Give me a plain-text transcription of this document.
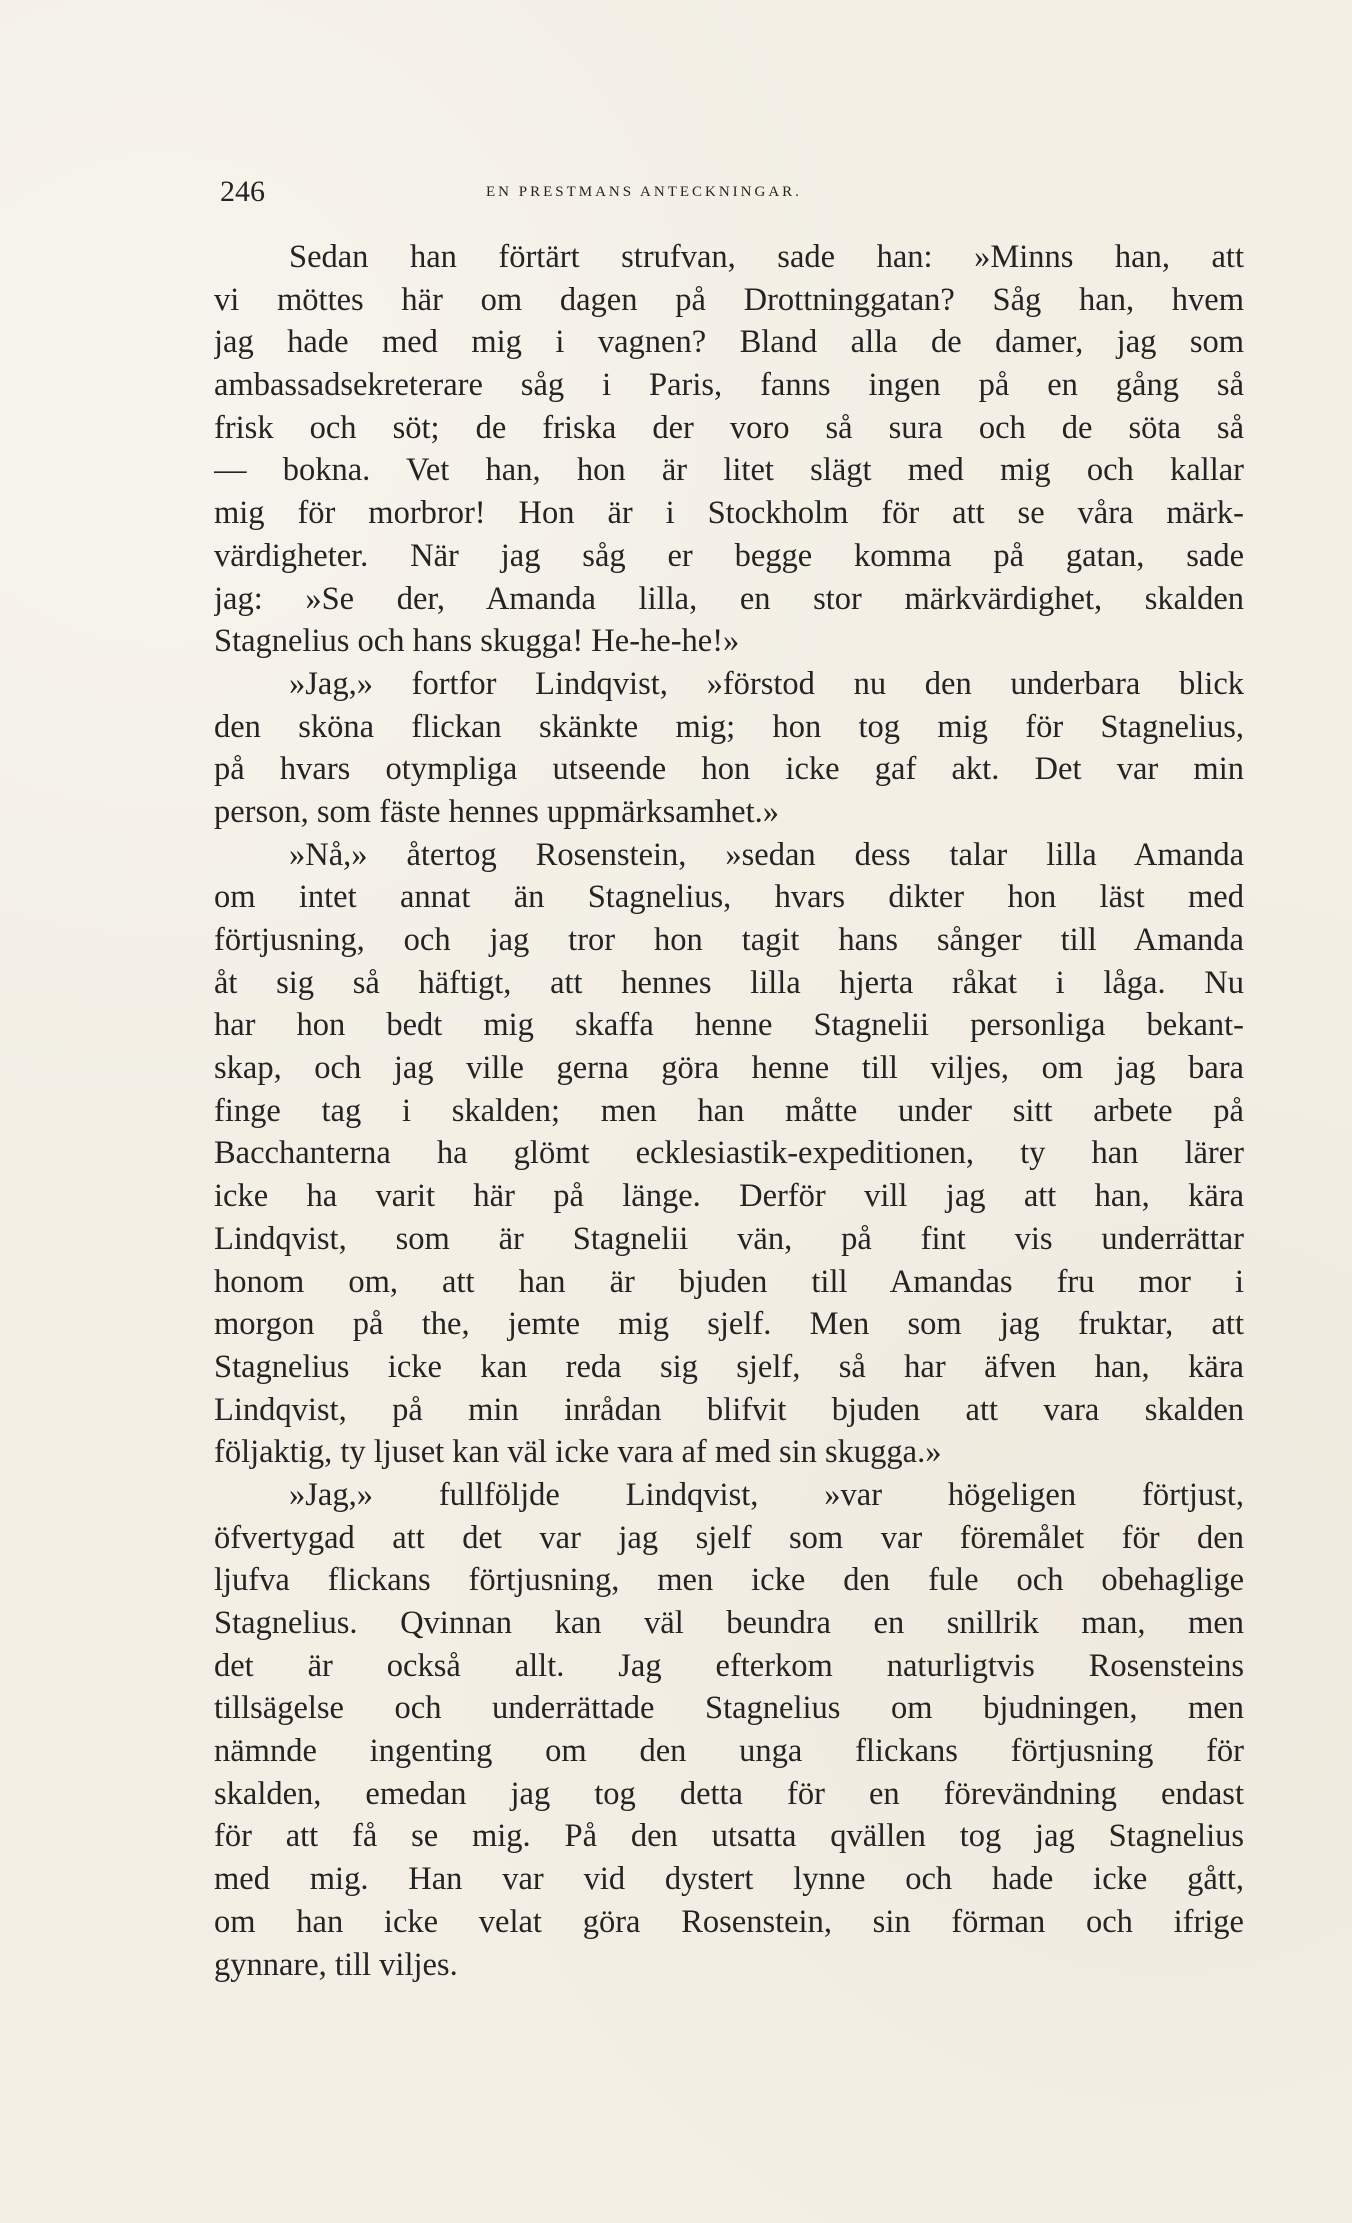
246	EN PRESTMANS ANTECKNINGAR.
Sedan han förtärt strufvan, sade han: »Minns han, att
vi möttes här om dagen på Drottninggatan? Såg han, hvem
jag hade med mig i vagnen? Bland alla de damer, jag som
ambassadsekreterare såg i Paris, fanns ingen på en gång så
frisk och söt; de friska der voro så sura och de söta så
— bokna. Vet han, hon är litet slägt med mig och kallar
mig för morbror! Hon är i Stockholm för att se våra märk-
värdigheter. När jag såg er begge komma på gatan, sade
jag: »Se der, Amanda lilla, en stor märkvärdighet, skalden
Stagnelius och hans skugga! He-he-he!»
»Jag,» fortfor Lindqvist, »förstod nu den underbara blick
den sköna flickan skänkte mig; hon tog mig för Stagnelius,
på hvars otympliga utseende hon icke gaf akt. Det var min
person, som fäste hennes uppmärksamhet.»
»Nå,» återtog Rosenstein, »sedan dess talar lilla Amanda
om intet annat än Stagnelius, hvars dikter hon läst med
förtjusning, och jag tror hon tagit hans sånger till Amanda
åt sig så häftigt, att hennes lilla hjerta råkat i låga. Nu
har hon bedt mig skaffa henne Stagnelii personliga bekant-
skap, och jag ville gerna göra henne till viljes, om jag bara
finge tag i skalden; men han måtte under sitt arbete på
Bacchanterna ha glömt ecklesiastik-expeditionen, ty han lärer
icke ha varit här på länge. Derför vill jag att han, kära
Lindqvist, som är Stagnelii vän, på fint vis underrättar
honom om, att han är bjuden till Amandas fru mor i
morgon på the, jemte mig sjelf. Men som jag fruktar, att
Stagnelius icke kan reda sig sjelf, så har äfven han, kära
Lindqvist, på min inrådan blifvit bjuden att vara skalden
följaktig, ty ljuset kan väl icke vara af med sin skugga.»
»Jag,» fullföljde Lindqvist, »var högeligen förtjust,
öfvertygad att det var jag sjelf som var föremålet för den
ljufva flickans förtjusning, men icke den fule och obehaglige
Stagnelius. Qvinnan kan väl beundra en snillrik man, men
det är också allt. Jag efterkom naturligtvis Rosensteins
tillsägelse och underrättade Stagnelius om bjudningen, men
nämnde ingenting om den unga flickans förtjusning för
skalden, emedan jag tog detta för en förevändning endast
för att få se mig. På den utsatta qvällen tog jag Stagnelius
med mig. Han var vid dystert lynne och hade icke gått,
om han icke velat göra Rosenstein, sin förman och ifrige
gynnare, till viljes.
